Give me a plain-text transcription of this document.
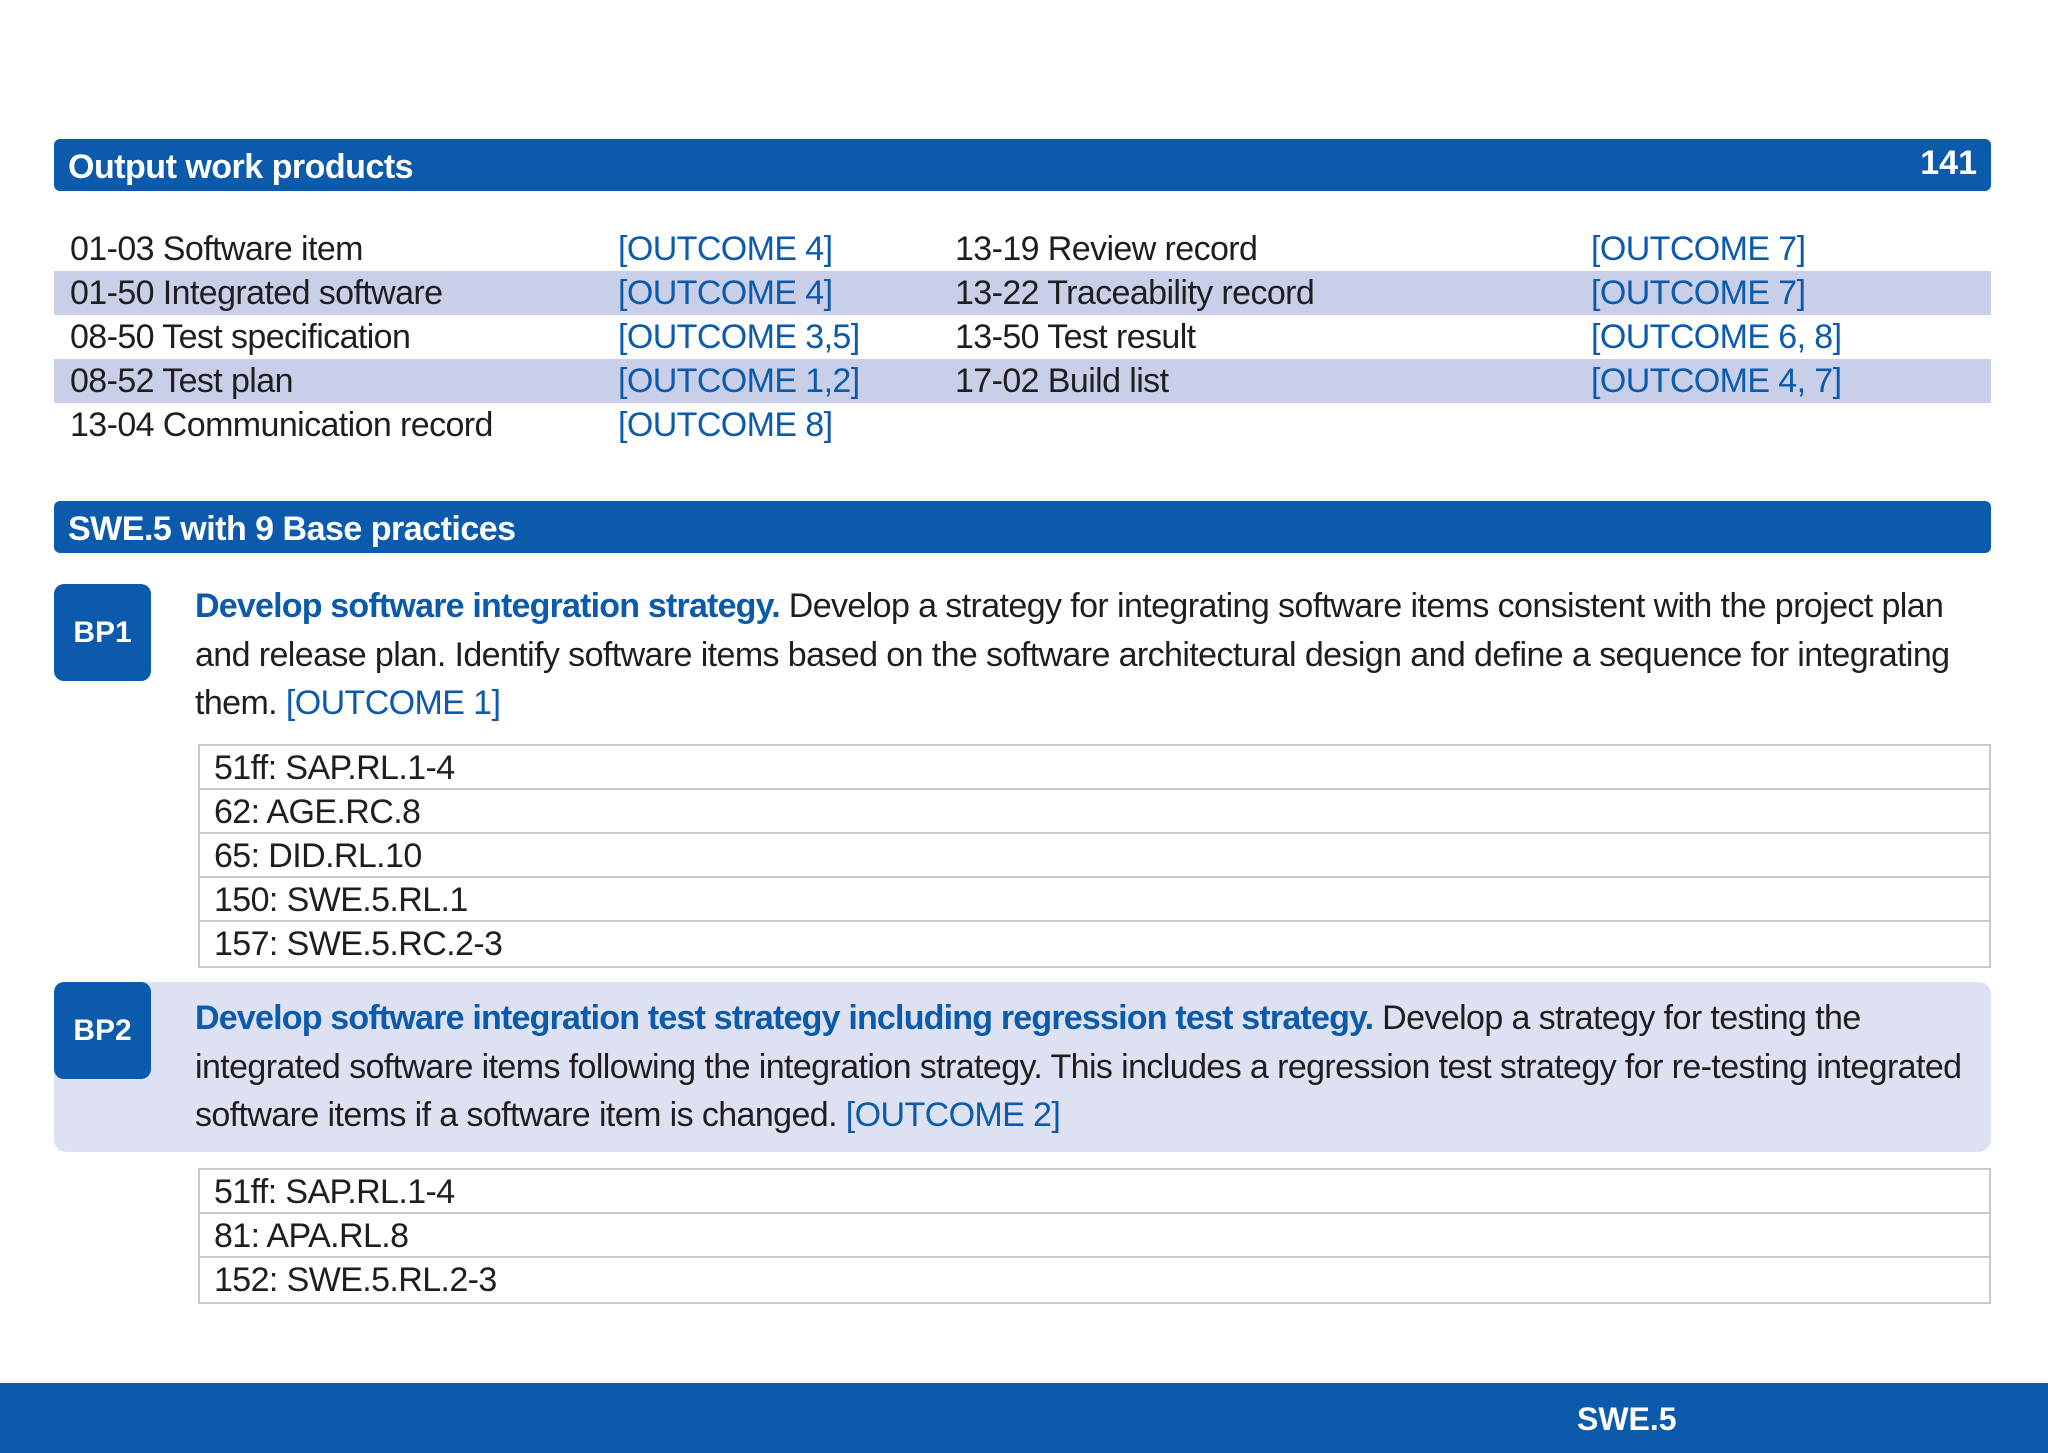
Output work products	141
01-03 Software item	[OUTCOME 4]	13-19 Review record	[OUTCOME 7]
01-50 Integrated software	[OUTCOME 4]	13-22 Traceability record	[OUTCOME 7]
08-50 Test specification	[OUTCOME 3,5]	13-50 Test result	[OUTCOME 6, 8]
08-52 Test plan	[OUTCOME 1,2]	17-02 Build list	[OUTCOME 4, 7]
13-04 Communication record	[OUTCOME 8]
SWE.5 with 9 Base practices
BP1
Develop software integration strategy. Develop a strategy for integrating software items consistent with the project plan and release plan. Identify software items based on the software architectural design and define a sequence for integrating them. [OUTCOME 1]
51ff: SAP.RL.1-4
62: AGE.RC.8
65: DID.RL.10
150: SWE.5.RL.1
157: SWE.5.RC.2-3
BP2	Develop software integration test strategy including regression test strategy. Develop a strategy for testing the integrated software items following the integration strategy. This includes a regression test strategy for re-testing integrated software items if a software item is changed. [OUTCOME 2]
51ff: SAP.RL.1-4
81: APA.RL.8
152: SWE.5.RL.2-3
SWE.5
